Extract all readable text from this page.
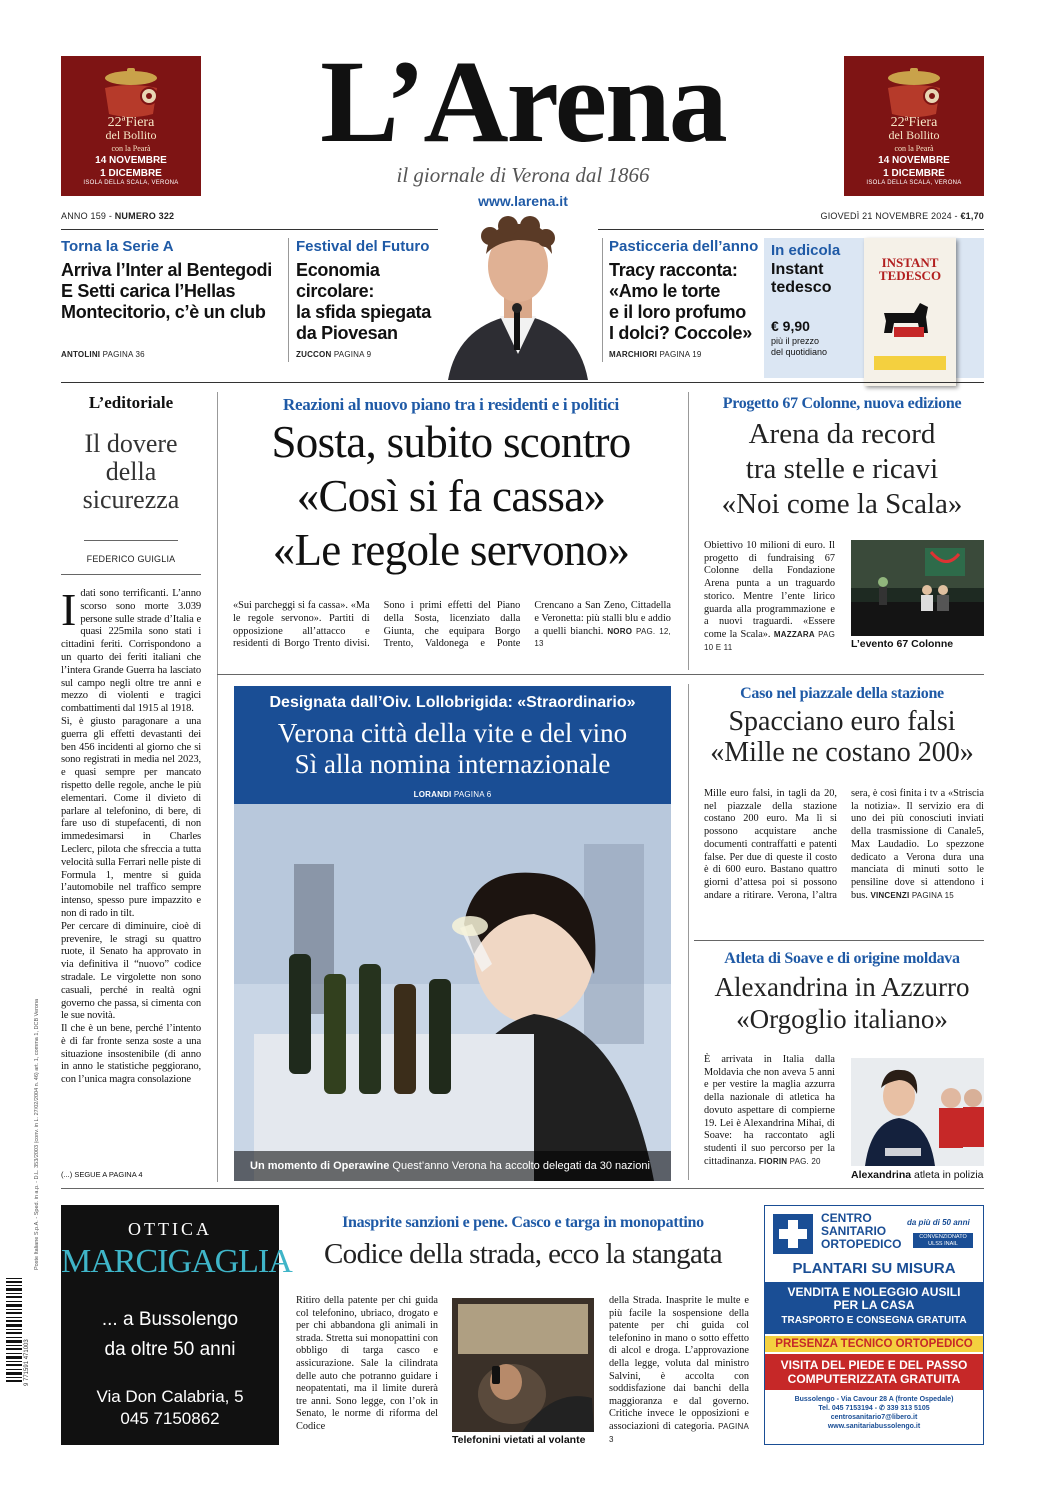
22ªFiera
del Bollito
con la Pearà
14 NOVEMBRE
1 DICEMBRE
ISOLA DELLA SCALA, VERONA
22ªFiera
del Bollito
con la Pearà
14 NOVEMBRE
1 DICEMBRE
ISOLA DELLA SCALA, VERONA
L’Arena
il giornale di Verona dal 1866
www.larena.it
ANNO 159 - NUMERO 322	GIOVEDÌ 21 NOVEMBRE 2024 - €1,70
Torna la Serie A
Arriva l’Inter al Bentegodi
E Setti carica l’Hellas
Montecitorio, c’è un club
ANTOLINI PAGINA 36
Festival del Futuro
Economia
circolare:
la sfida spiegata
da Piovesan
ZUCCON PAGINA 9
Pasticceria dell’anno
Tracy racconta:
«Amo le torte
e il loro profumo
I dolci? Coccole»
MARCHIORI PAGINA 19
In edicola
Instant
tedesco
€ 9,90
più il prezzo
del quotidiano
INSTANT TEDESCO
L’editoriale
Il dovere
della
sicurezza
FEDERICO GUIGLIA
I dati sono terrificanti. L’anno scorso sono morte 3.039 persone sulle strade d’Italia e quasi 225mila sono stati i cittadini feriti. Corrispondono a un quarto dei feriti italiani che l’intera Grande Guerra ha lasciato sul campo negli oltre tre anni e mezzo di violenti e tragici combattimenti dal 1915 al 1918.
Sì, è giusto paragonare a una guerra gli effetti devastanti dei ben 456 incidenti al giorno che si sono registrati in media nel 2023, e quasi sempre per mancato rispetto delle regole, anche le più elementari. Come il divieto di parlare al telefonino, di bere, di fare uso di stupefacenti, di non immedesimarsi in Charles Leclerc, pilota che sfreccia a tutta velocità sulla Ferrari nelle piste di Formula 1, mentre si guida l’automobile nel traffico sempre intenso, spesso pure impazzito e non di rado in tilt.
Per cercare di diminuire, cioè di prevenire, le stragi su quattro ruote, il Senato ha approvato in via definitiva il “nuovo” codice stradale. Le virgolette non sono casuali, perché in realtà ogni governo che passa, si cimenta con le sue novità.
Il che è un bene, perché l’intento è di far fronte senza soste a una situazione insostenibile (di anno in anno le statistiche peggiorano, con l’unica magra consolazione
(...) SEGUE A PAGINA 4
Reazioni al nuovo piano tra i residenti e i politici
Sosta, subito scontro
«Così si fa cassa»
«Le regole servono»
«Sui parcheggi si fa cassa». «Ma le regole servono». Partiti di opposizione all’attacco e residenti di Borgo Trento divisi. Sono i primi effetti del Piano della Sosta, licenziato dalla Giunta, che equipara Borgo Trento, Valdonega e Ponte Crencano a San Zeno, Cittadella e Veronetta: più stalli blu e addio a quelli bianchi. NORO PAG. 12, 13
Progetto 67 Colonne, nuova edizione
Arena da record
tra stelle e ricavi
«Noi come la Scala»
Obiettivo 10 milioni di euro. Il progetto di fundraising 67 Colonne della Fondazione Arena punta a un traguardo storico. Mentre l’ente lirico guarda alla programmazione e a nuovi traguardi. «Essere come la Scala». MAZZARA PAG 10 E 11	L’evento 67 Colonne
Designata dall’Oiv. Lollobrigida: «Straordinario»
Verona città della vite e del vino
Sì alla nomina internazionale
LORANDI PAGINA 6
Un momento di Operawine Quest’anno Verona ha accolto delegati da 30 nazioni
Caso nel piazzale della stazione
Spacciano euro falsi
«Mille ne costano 200»
Mille euro falsi, in tagli da 20, nel piazzale della stazione costano 200 euro. Ma lì si possono acquistare anche documenti contraffatti e patenti false. Per due di queste il costo è di 600 euro. Bastano quattro giorni d’attesa poi si possono andare a ritirare. Verona, l’altra sera, è così finita i tv a «Striscia la notizia». Il servizio era di uno dei più conosciuti inviati della trasmissione di Canale5, Max Laudadio. Lo spezzone dedicato a Verona dura una manciata di minuti sotto le pensiline dove si attendono i bus. VINCENZI PAGINA 15
Atleta di Soave e di origine moldava
Alexandrina in Azzurro
«Orgoglio italiano»
È arrivata in Italia dalla Moldavia che non aveva 5 anni e per vestire la maglia azzurra della nazionale di atletica ha dovuto aspettare di compierne 19. Lei è Alexandrina Mihai, di Soave: ha raccontato agli studenti il suo percorso per la cittadinanza. FIORIN PAG. 20
Alexandrina atleta in polizia
OTTICA
MARCIGAGLIA
... a Bussolengo
da oltre 50 anni
Via Don Calabria, 5
045 7150862
Inasprite sanzioni e pene. Casco e targa in monopattino
Codice della strada, ecco la stangata
Ritiro della patente per chi guida col telefonino, ubriaco, drogato e per chi abbandona gli animali in strada. Stretta sui monopattini con obbligo di targa casco e assicurazione. Sale la cilindrata delle auto che potranno guidare i neopatentati, ma il limite durerà tre anni. Sono legge, con l’ok in Senato, le norme di riforma del Codice
Telefonini vietati al volante
della Strada. Inasprite le multe e più facile la sospensione della patente per chi guida col telefonino in mano o sotto effetto di alcol e droga. L’approvazione della legge, voluta dal ministro Salvini, è accolta con soddisfazione dai banchi della maggioranza e dal governo. Critiche invece le opposizioni e associazioni di categoria. PAGINA 3
CENTRO
SANITARIO
ORTOPEDICO
da più di 50 anni
CONVENZIONATO
ULSS INAIL
PLANTARI SU MISURA
VENDITA E NOLEGGIO AUSILI
PER LA CASA
TRASPORTO E CONSEGNA GRATUITA
PRESENZA TECNICO ORTOPEDICO
VISITA DEL PIEDE E DEL PASSO
COMPUTERIZZATA GRATUITA
Bussolengo - Via Cavour 28 A (fronte Ospedale)
Tel. 045 7153194 - ✆ 339 313 5105
centrosanitario7@libero.it
www.sanitariabussolengo.it
Poste Italiane S.p.A. - Sped. in a.p. - D.L. 353/2003 (conv. in L. 27/02/2004 n. 46) art. 1, comma 1, DCB Verona
9 771591 471003
